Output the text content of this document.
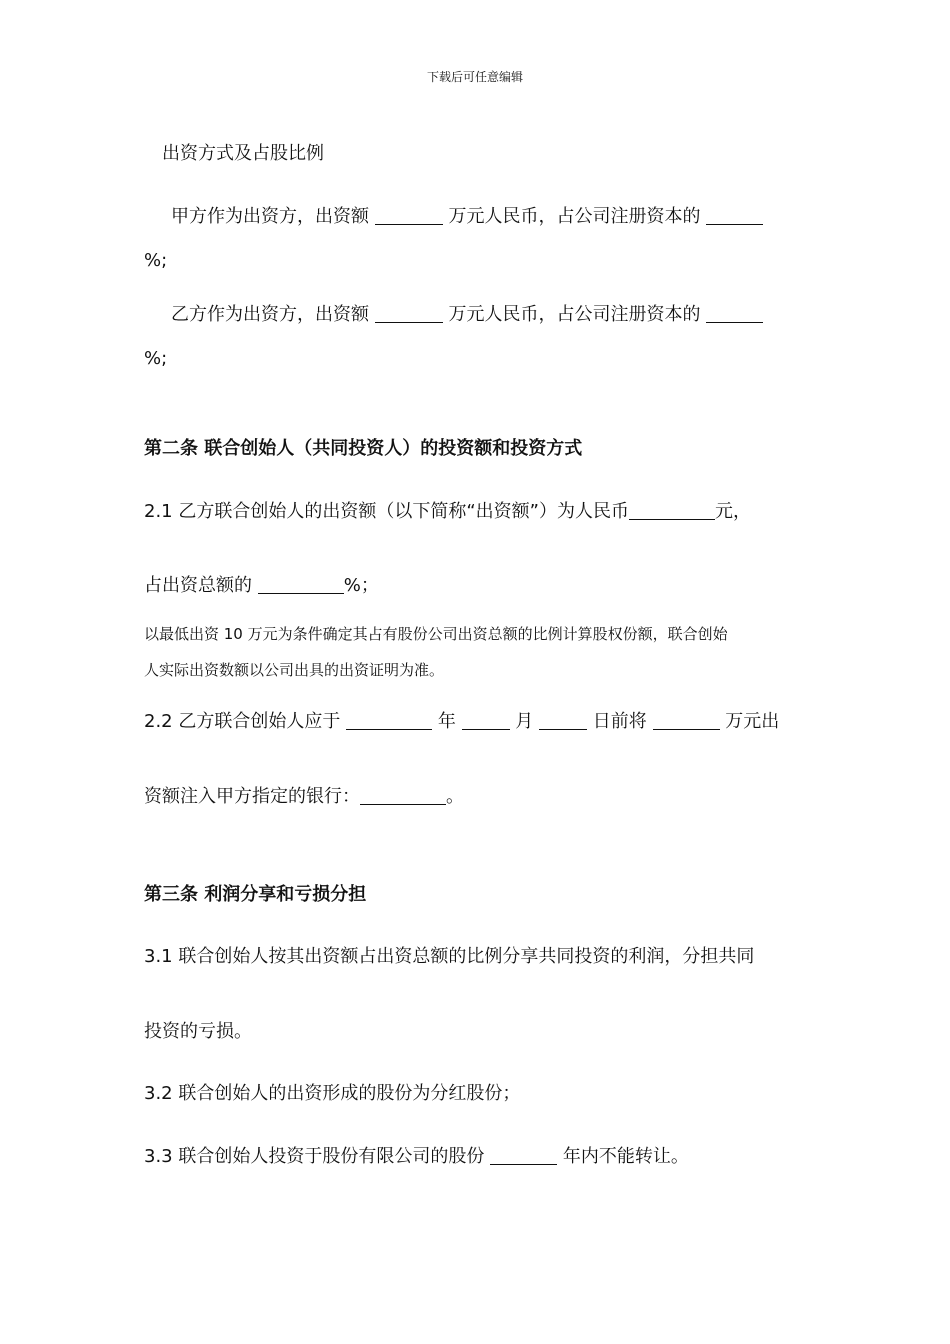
下载后可任意编辑
出资方式及占股比例
甲方作为出资方，出资额	万元人民币，占公司注册资本的
%;
乙方作为出资方，出资额	万元人民币，占公司注册资本的
%;
第二条 联合创始人（共同投资人）的投资额和投资方式
2.1 乙方联合创始人的出资额（以下简称“出资额”）为人民币	元，
占出资总额的	%；
以最低出资 10 万元为条件确定其占有股份公司出资总额的比例计算股权份额，联合创始
人实际出资数额以公司出具的出资证明为准。
2.2 乙方联合创始人应于	年	月	日前将	万元出
资额注入甲方指定的银行：	。
第三条 利润分享和亏损分担
3.1 联合创始人按其出资额占出资总额的比例分享共同投资的利润，分担共同
投资的亏损。
3.2 联合创始人的出资形成的股份为分红股份；
3.3 联合创始人投资于股份有限公司的股份	年内不能转让。
